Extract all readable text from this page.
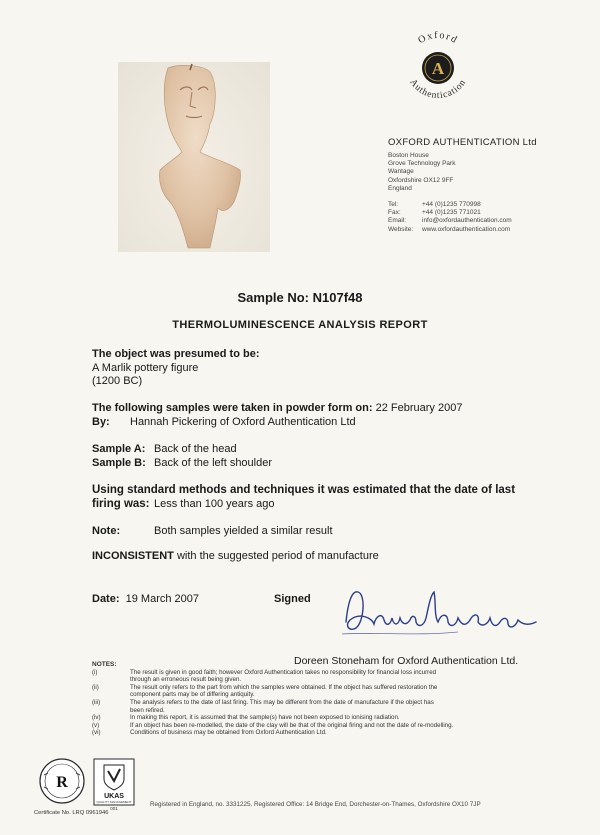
A
Oxford
Authentication
OXFORD AUTHENTICATION Ltd
Boston House
Grove Technology Park
Wantage
Oxfordshire OX12 9FF
England
Tel:	+44 (0)1235 770998
Fax:	+44 (0)1235 771021
Email: info@oxfordauthentication.com
Website: www.oxfordauthentication.com
Sample No: N107f48
THERMOLUMINESCENCE ANALYSIS REPORT
The object was presumed to be:
A Marlik pottery figure
(1200 BC)
The following samples were taken in powder form on: 22 February 2007
By: Hannah Pickering of Oxford Authentication Ltd
Sample A: Back of the head
Sample B: Back of the left shoulder
Using standard methods and techniques it was estimated that the date of last
firing was: Less than 100 years ago
Note:	Both samples yielded a similar result
INCONSISTENT with the suggested period of manufacture
Date: 19 March 2007	Signed
Doreen Stoneham for Oxford Authentication Ltd.
NOTES:
(i)	The result is given in good faith; however Oxford Authentication takes no responsibility for financial loss incurred
through an erroneous result being given.
(ii)	The result only refers to the part from which the samples were obtained. If the object has suffered restoration the
component parts may be of differing antiquity.
(iii)	The analysis refers to the date of last firing. This may be different from the date of manufacture if the object has
been refired.
(iv)	In making this report, it is assumed that the sample(s) have not been exposed to ionising radiation.
(v)	If an object has been re-modelled, the date of the clay will be that of the original firing and not the date of re-modelling.
(vi)	Conditions of business may be obtained from Oxford Authentication Ltd.
R
UKAS
QUALITY MANAGEMENT
001
Certificate No. LRQ 0961946
Registered in England, no. 3331225. Registered Office: 14 Bridge End, Dorchester-on-Thames, Oxfordshire OX10 7JP
